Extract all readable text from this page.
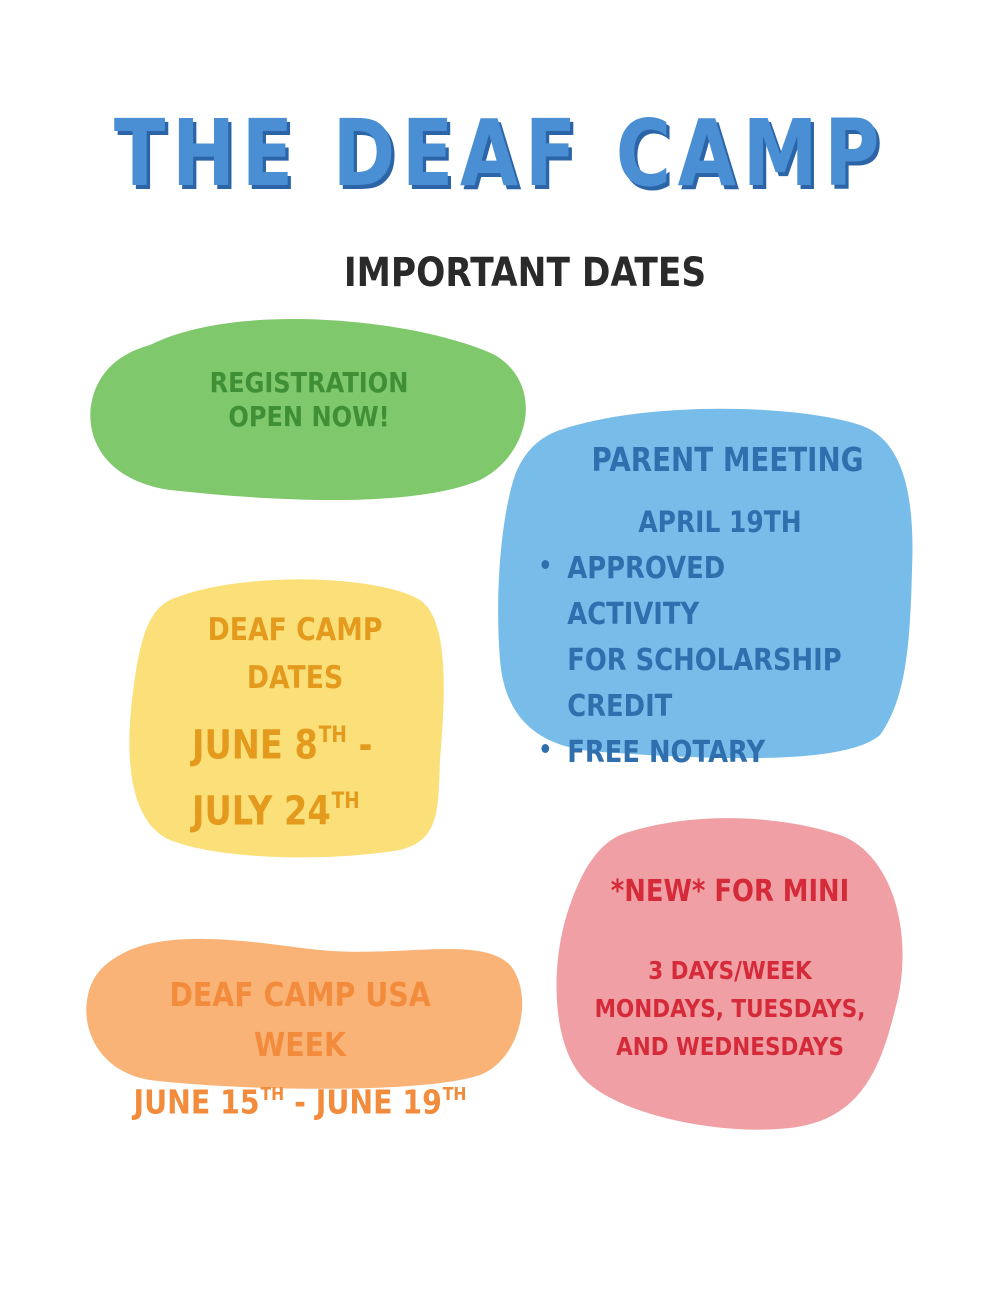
THE DEAF CAMP
IMPORTANT DATES
REGISTRATION
OPEN NOW!
PARENT MEETING
APRIL 19TH
APPROVED ACTIVITY
FOR SCHOLARSHIP
CREDIT
FREE NOTARY
DEAF CAMP
DATES
JUNE 8TH -
JULY 24TH
DEAF CAMP USA WEEK
JUNE 15TH - JUNE 19TH
*NEW* FOR MINI
3 DAYS/WEEK
MONDAYS, TUESDAYS,
AND WEDNESDAYS
